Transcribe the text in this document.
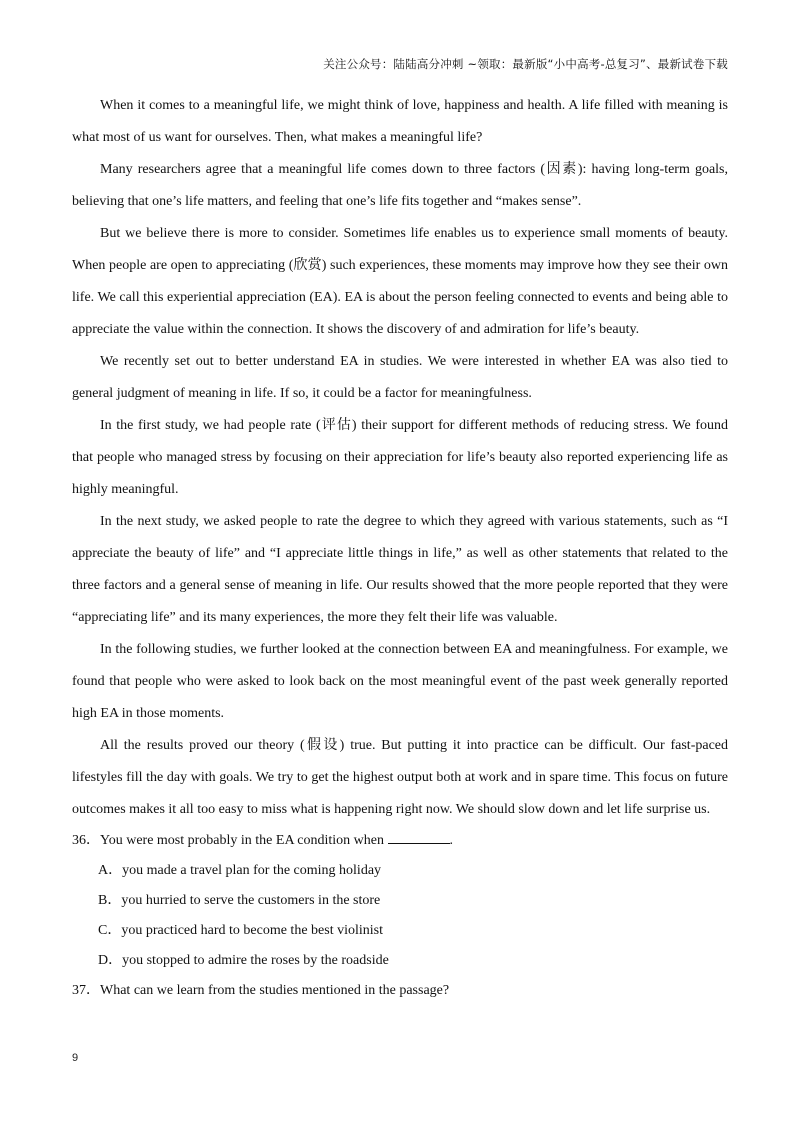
关注公众号：陆陆高分冲刺 ~领取：最新版“小中高考-总复习”、最新试卷下载

When it comes to a meaningful life, we might think of love, happiness and health. A life filled with meaning is what most of us want for ourselves. Then, what makes a meaningful life?

Many researchers agree that a meaningful life comes down to three factors (因素): having long-term goals, believing that one’s life matters, and feeling that one’s life fits together and “makes sense”.

But we believe there is more to consider. Sometimes life enables us to experience small moments of beauty. When people are open to appreciating (欣赏) such experiences, these moments may improve how they see their own life. We call this experiential appreciation (EA). EA is about the person feeling connected to events and being able to appreciate the value within the connection. It shows the discovery of and admiration for life’s beauty.

We recently set out to better understand EA in studies. We were interested in whether EA was also tied to general judgment of meaning in life. If so, it could be a factor for meaningfulness.

In the first study, we had people rate (评估) their support for different methods of reducing stress. We found that people who managed stress by focusing on their appreciation for life’s beauty also reported experiencing life as highly meaningful.

In the next study, we asked people to rate the degree to which they agreed with various statements, such as “I appreciate the beauty of life” and “I appreciate little things in life,” as well as other statements that related to the three factors and a general sense of meaning in life. Our results showed that the more people reported that they were “appreciating life” and its many experiences, the more they felt their life was valuable.

In the following studies, we further looked at the connection between EA and meaningfulness. For example, we found that people who were asked to look back on the most meaningful event of the past week generally reported high EA in those moments.

All the results proved our theory (假设) true. But putting it into practice can be difficult. Our fast-paced lifestyles fill the day with goals. We try to get the highest output both at work and in spare time. This focus on future outcomes makes it all too easy to miss what is happening right now. We should slow down and let life surprise us.

36．You were most probably in the EA condition when	.

A．you made a travel plan for the coming holiday

B．you hurried to serve the customers in the store

C．you practiced hard to become the best violinist

D．you stopped to admire the roses by the roadside

37．What can we learn from the studies mentioned in the passage?

9
